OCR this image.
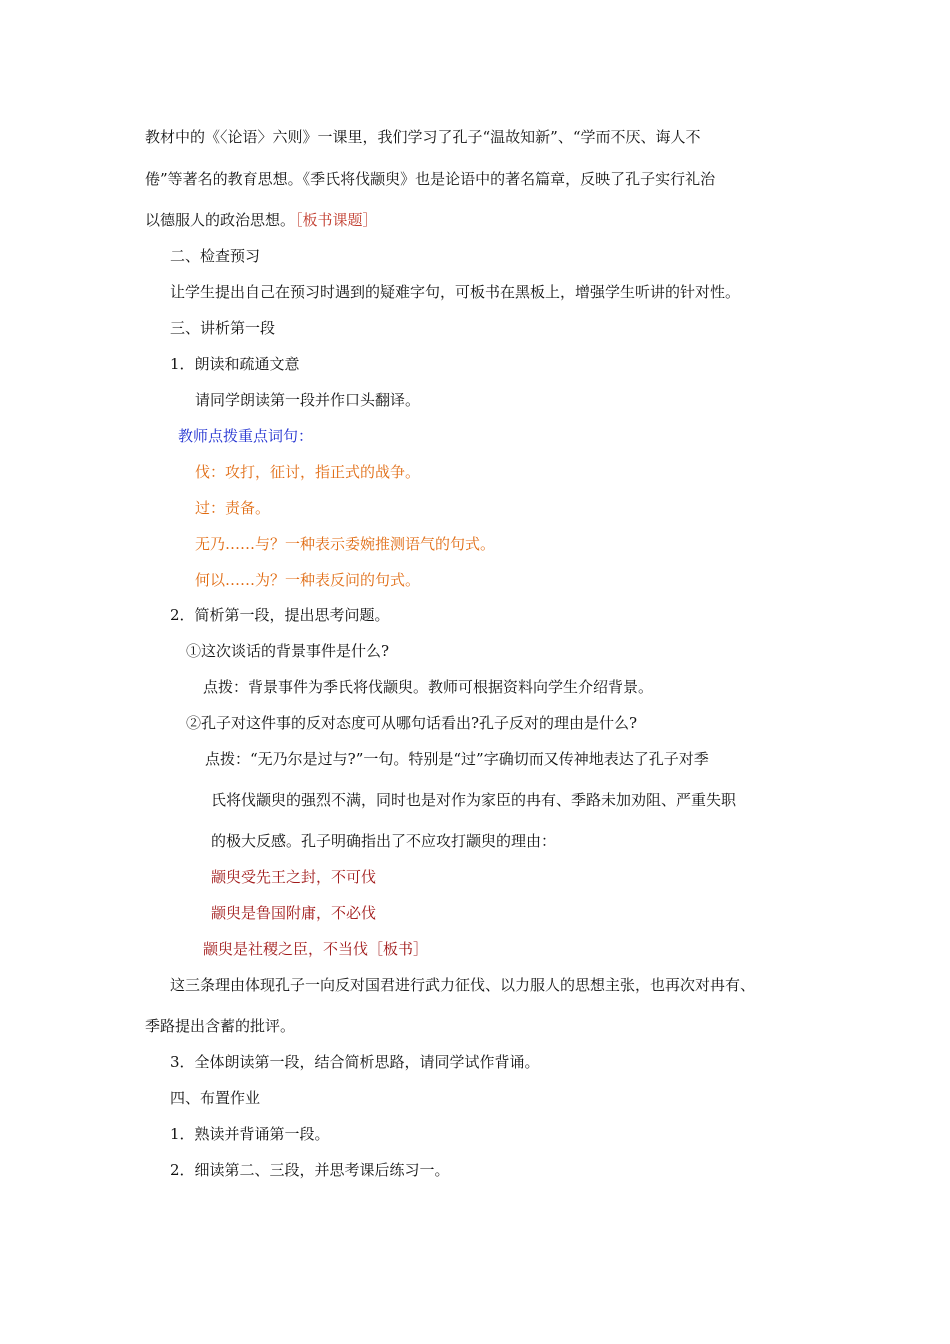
教材中的《〈论语〉六则》一课里，我们学习了孔子“温故知新”、“学而不厌、诲人不
倦”等著名的教育思想。《季氏将伐颛臾》也是论语中的著名篇章，反映了孔子实行礼治
以德服人的政治思想。［板书课题］
二、检查预习
让学生提出自己在预习时遇到的疑难字句，可板书在黑板上，增强学生听讲的针对性。
三、讲析第一段
1．朗读和疏通文意
请同学朗读第一段并作口头翻译。
教师点拨重点词句：
伐：攻打，征讨，指正式的战争。
过：责备。
无乃……与？一种表示委婉推测语气的句式。
何以……为？一种表反问的句式。
2．简析第一段，提出思考问题。
①这次谈话的背景事件是什么?
点拨：背景事件为季氏将伐颛臾。教师可根据资料向学生介绍背景。
②孔子对这件事的反对态度可从哪句话看出?孔子反对的理由是什么?
点拨：“无乃尔是过与?”一句。特别是“过”字确切而又传神地表达了孔子对季
氏将伐颛臾的强烈不满，同时也是对作为家臣的冉有、季路未加劝阻、严重失职
的极大反感。孔子明确指出了不应攻打颛臾的理由：
颛臾受先王之封，不可伐
颛臾是鲁国附庸，不必伐
颛臾是社稷之臣，不当伐［板书］
这三条理由体现孔子一向反对国君进行武力征伐、以力服人的思想主张，也再次对冉有、
季路提出含蓄的批评。
3．全体朗读第一段，结合简析思路，请同学试作背诵。
四、布置作业
1．熟读并背诵第一段。
2．细读第二、三段，并思考课后练习一。
